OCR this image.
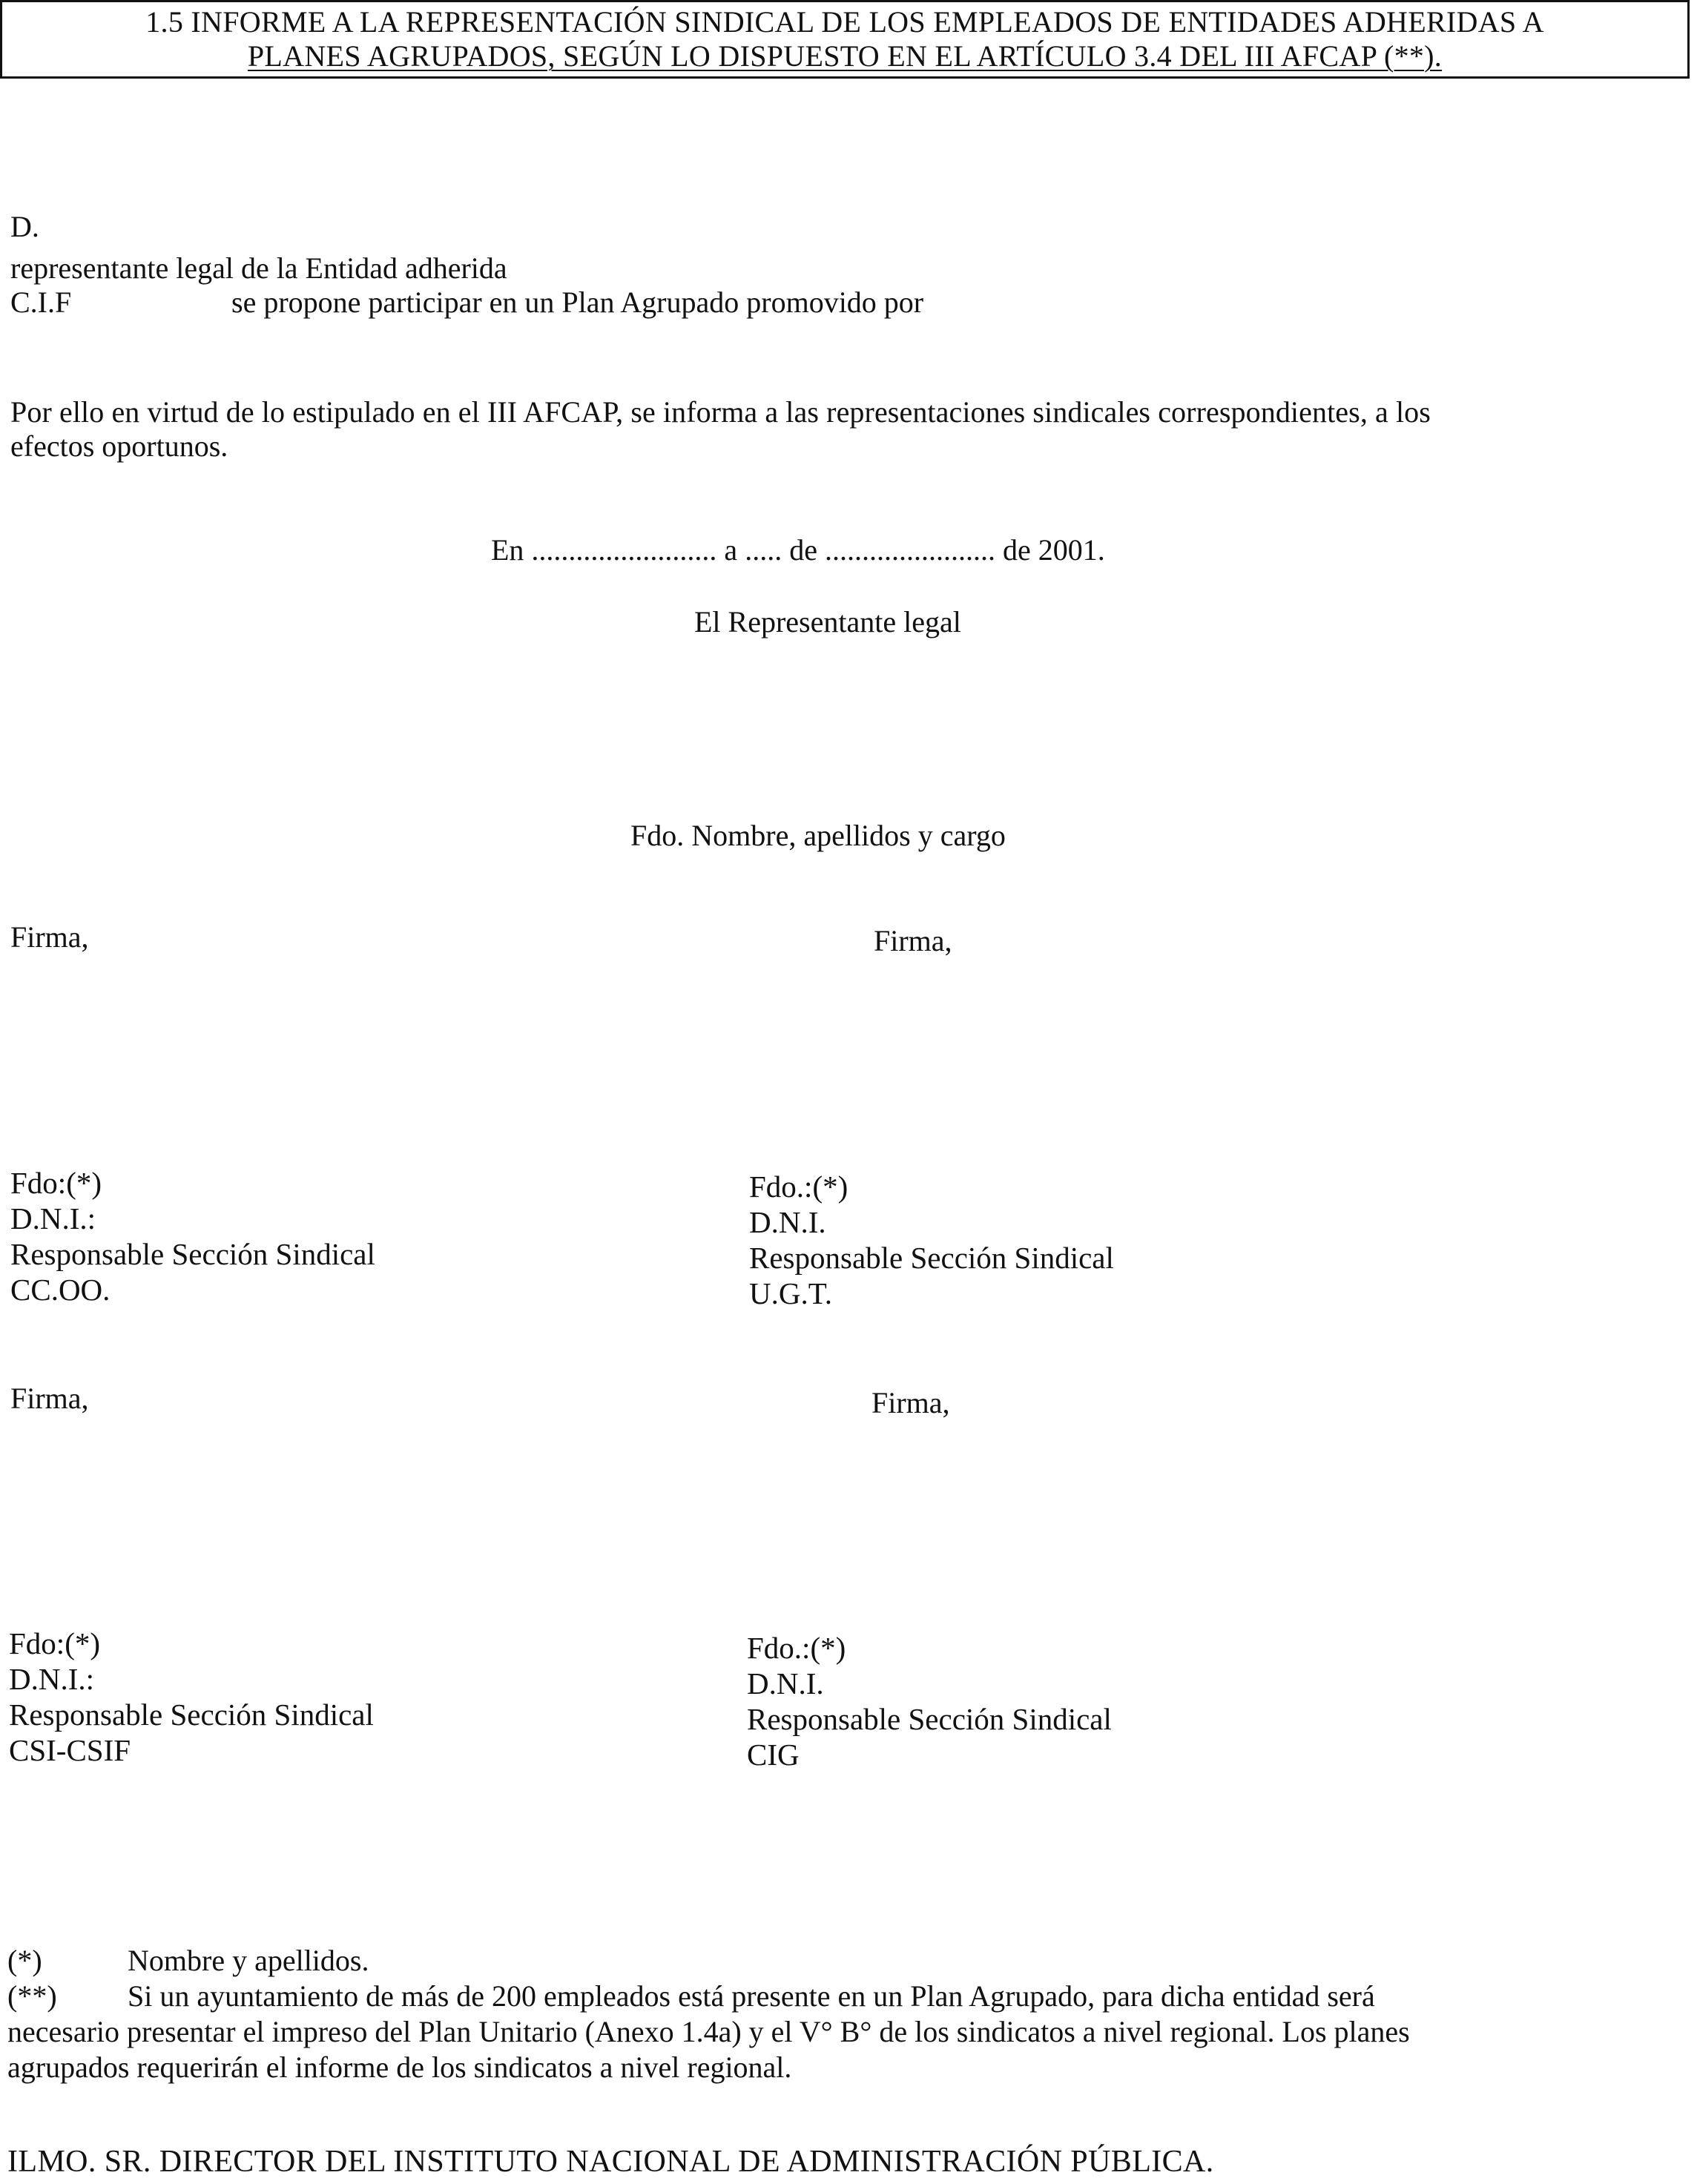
1.5 INFORME A LA REPRESENTACIÓN SINDICAL DE LOS EMPLEADOS DE ENTIDADES ADHERIDAS A
PLANES AGRUPADOS, SEGÚN LO DISPUESTO EN EL ARTÍCULO 3.4 DEL III AFCAP (**).
D.
representante legal de la Entidad adherida
C.I.F	se propone participar en un Plan Agrupado promovido por
Por ello en virtud de lo estipulado en el III AFCAP, se informa a las representaciones sindicales correspondientes, a los
efectos oportunos.
En ......................... a ..... de ....................... de 2001.
El Representante legal
Fdo. Nombre, apellidos y cargo
Firma,	Firma,
Fdo:(*)
D.N.I.:
Responsable Sección Sindical
CC.OO.
Fdo.:(*)
D.N.I.
Responsable Sección Sindical
U.G.T.
Firma,	Firma,
Fdo:(*)
D.N.I.:
Responsable Sección Sindical
CSI-CSIF
Fdo.:(*)
D.N.I.
Responsable Sección Sindical
CIG
(*)	Nombre y apellidos.
(**) Si un ayuntamiento de más de 200 empleados está presente en un Plan Agrupado, para dicha entidad será
necesario presentar el impreso del Plan Unitario (Anexo 1.4a) y el V° B° de los sindicatos a nivel regional. Los planes
agrupados requerirán el informe de los sindicatos a nivel regional.
ILMO. SR. DIRECTOR DEL INSTITUTO NACIONAL DE ADMINISTRACIÓN PÚBLICA.
